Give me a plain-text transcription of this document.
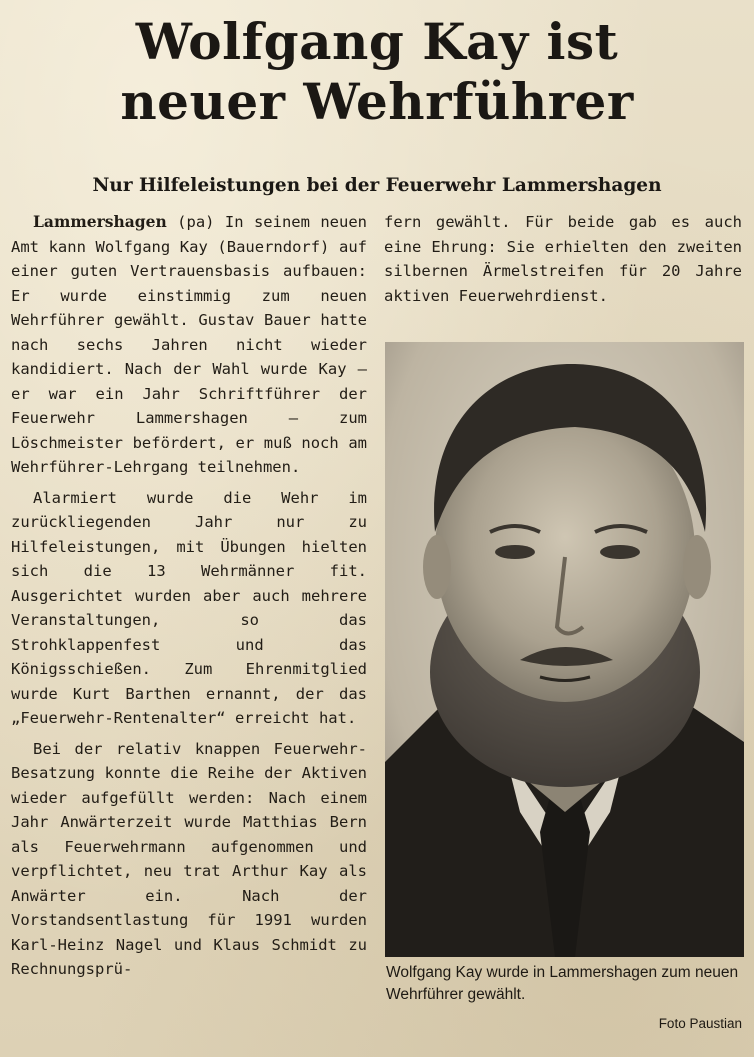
Wolfgang Kay ist
neuer Wehrführer
Nur Hilfeleistungen bei der Feuerwehr Lammershagen

Lammershagen (pa) In seinem neuen Amt kann Wolfgang Kay (Bauerndorf) auf einer guten Vertrauensbasis aufbauen: Er wurde einstimmig zum neuen Wehrführer gewählt. Gustav Bauer hatte nach sechs Jahren nicht wieder kandidiert. Nach der Wahl wurde Kay – er war ein Jahr Schriftführer der Feuerwehr Lammershagen – zum Löschmeister befördert, er muß noch am Wehrführer-Lehrgang teilnehmen.

Alarmiert wurde die Wehr im zurückliegenden Jahr nur zu Hilfeleistungen, mit Übungen hielten sich die 13 Wehrmänner fit. Ausgerichtet wurden aber auch mehrere Veranstaltungen, so das Strohklappenfest und das Königsschießen. Zum Ehrenmitglied wurde Kurt Barthen ernannt, der das „Feuerwehr-Rentenalter“ erreicht hat.

Bei der relativ knappen Feuerwehr-Besatzung konnte die Reihe der Aktiven wieder aufgefüllt werden: Nach einem Jahr Anwärterzeit wurde Matthias Bern als Feuerwehrmann aufgenommen und verpflichtet, neu trat Arthur Kay als Anwärter ein. Nach der Vorstandsentlastung für 1991 wurden Karl-Heinz Nagel und Klaus Schmidt zu Rechnungsprü-

fern gewählt. Für beide gab es auch eine Ehrung: Sie erhielten den zweiten silbernen Ärmelstreifen für 20 Jahre aktiven Feuerwehrdienst.

Wolfgang Kay wurde in Lammershagen zum neuen Wehrführer gewählt.
Foto Paustian
